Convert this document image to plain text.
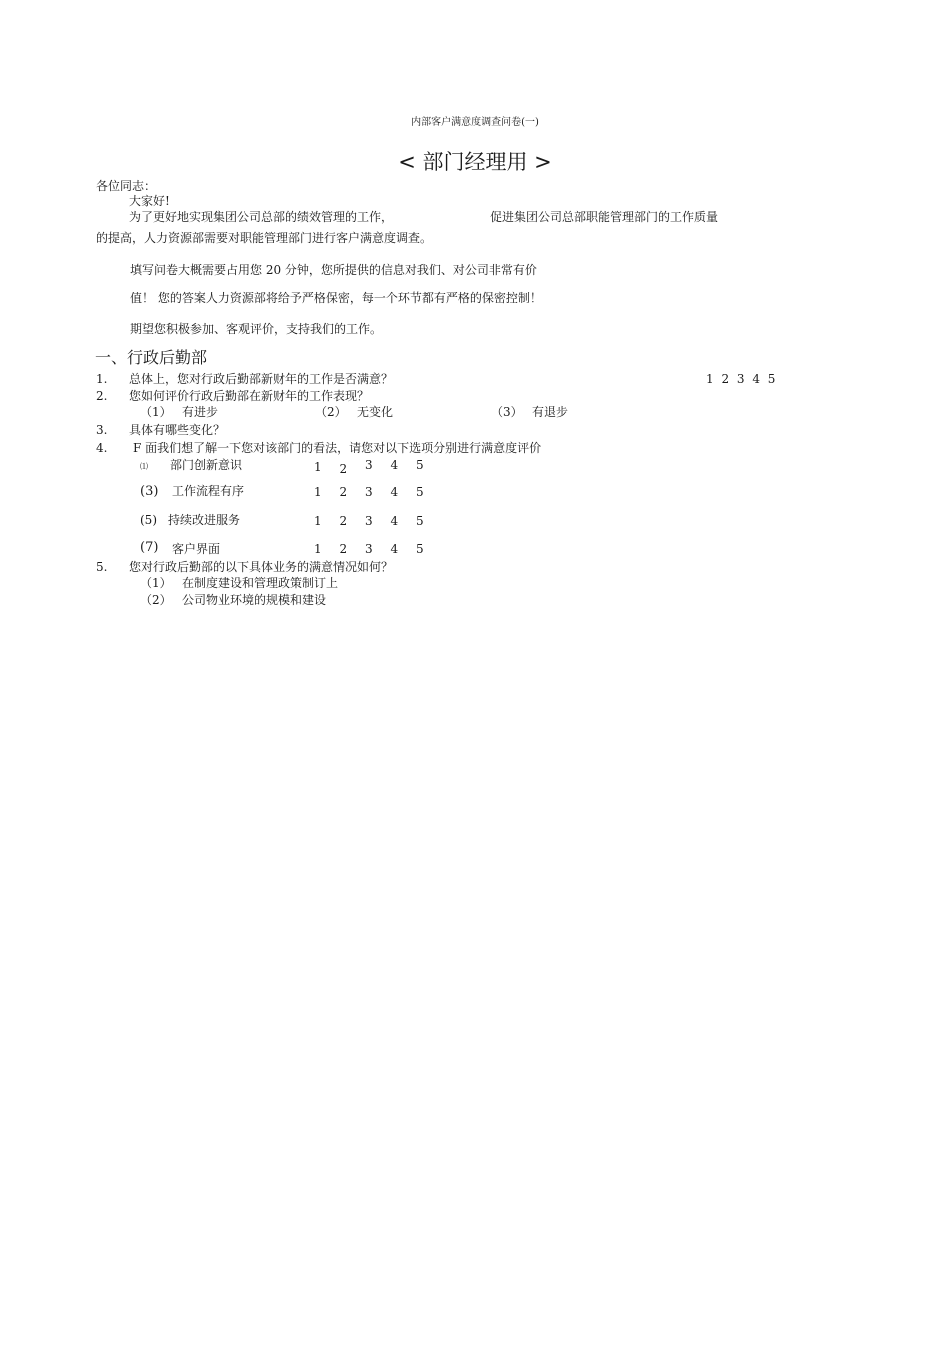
内部客户满意度调查问卷(一)
< 部门经理用 >
各位同志：
大家好!
为了更好地实现集团公司总部的绩效管理的工作，	促进集团公司总部职能管理部门的工作质量
的提高，人力资源部需要对职能管理部门进行客户满意度调查。
填写问卷大概需要占用您 20 分钟，您所提供的信息对我们、对公司非常有价
值！ 您的答案人力资源部将给予严格保密，每一个环节都有严格的保密控制！
期望您积极参加、客观评价，支持我们的工作。
一、行政后勤部
1. 总体上，您对行政后勤部新财年的工作是否满意？	1 2 3 4 5
2. 您如何评价行政后勤部在新财年的工作表现？
（1） 有进步	（2） 无变化	（3） 有退步
3. 具体有哪些变化？
4. F 面我们想了解一下您对该部门的看法，请您对以下选项分别进行满意度评价
⑴ 部门创新意识	1 2 3 4 5
(3) 工作流程有序	1 2 3 4 5
(5) 持续改进服务	1 2 3 4 5
(7) 客户界面	1 2 3 4 5
5. 您对行政后勤部的以下具体业务的满意情况如何？
（1） 在制度建设和管理政策制订上
（2） 公司物业环境的规模和建设
